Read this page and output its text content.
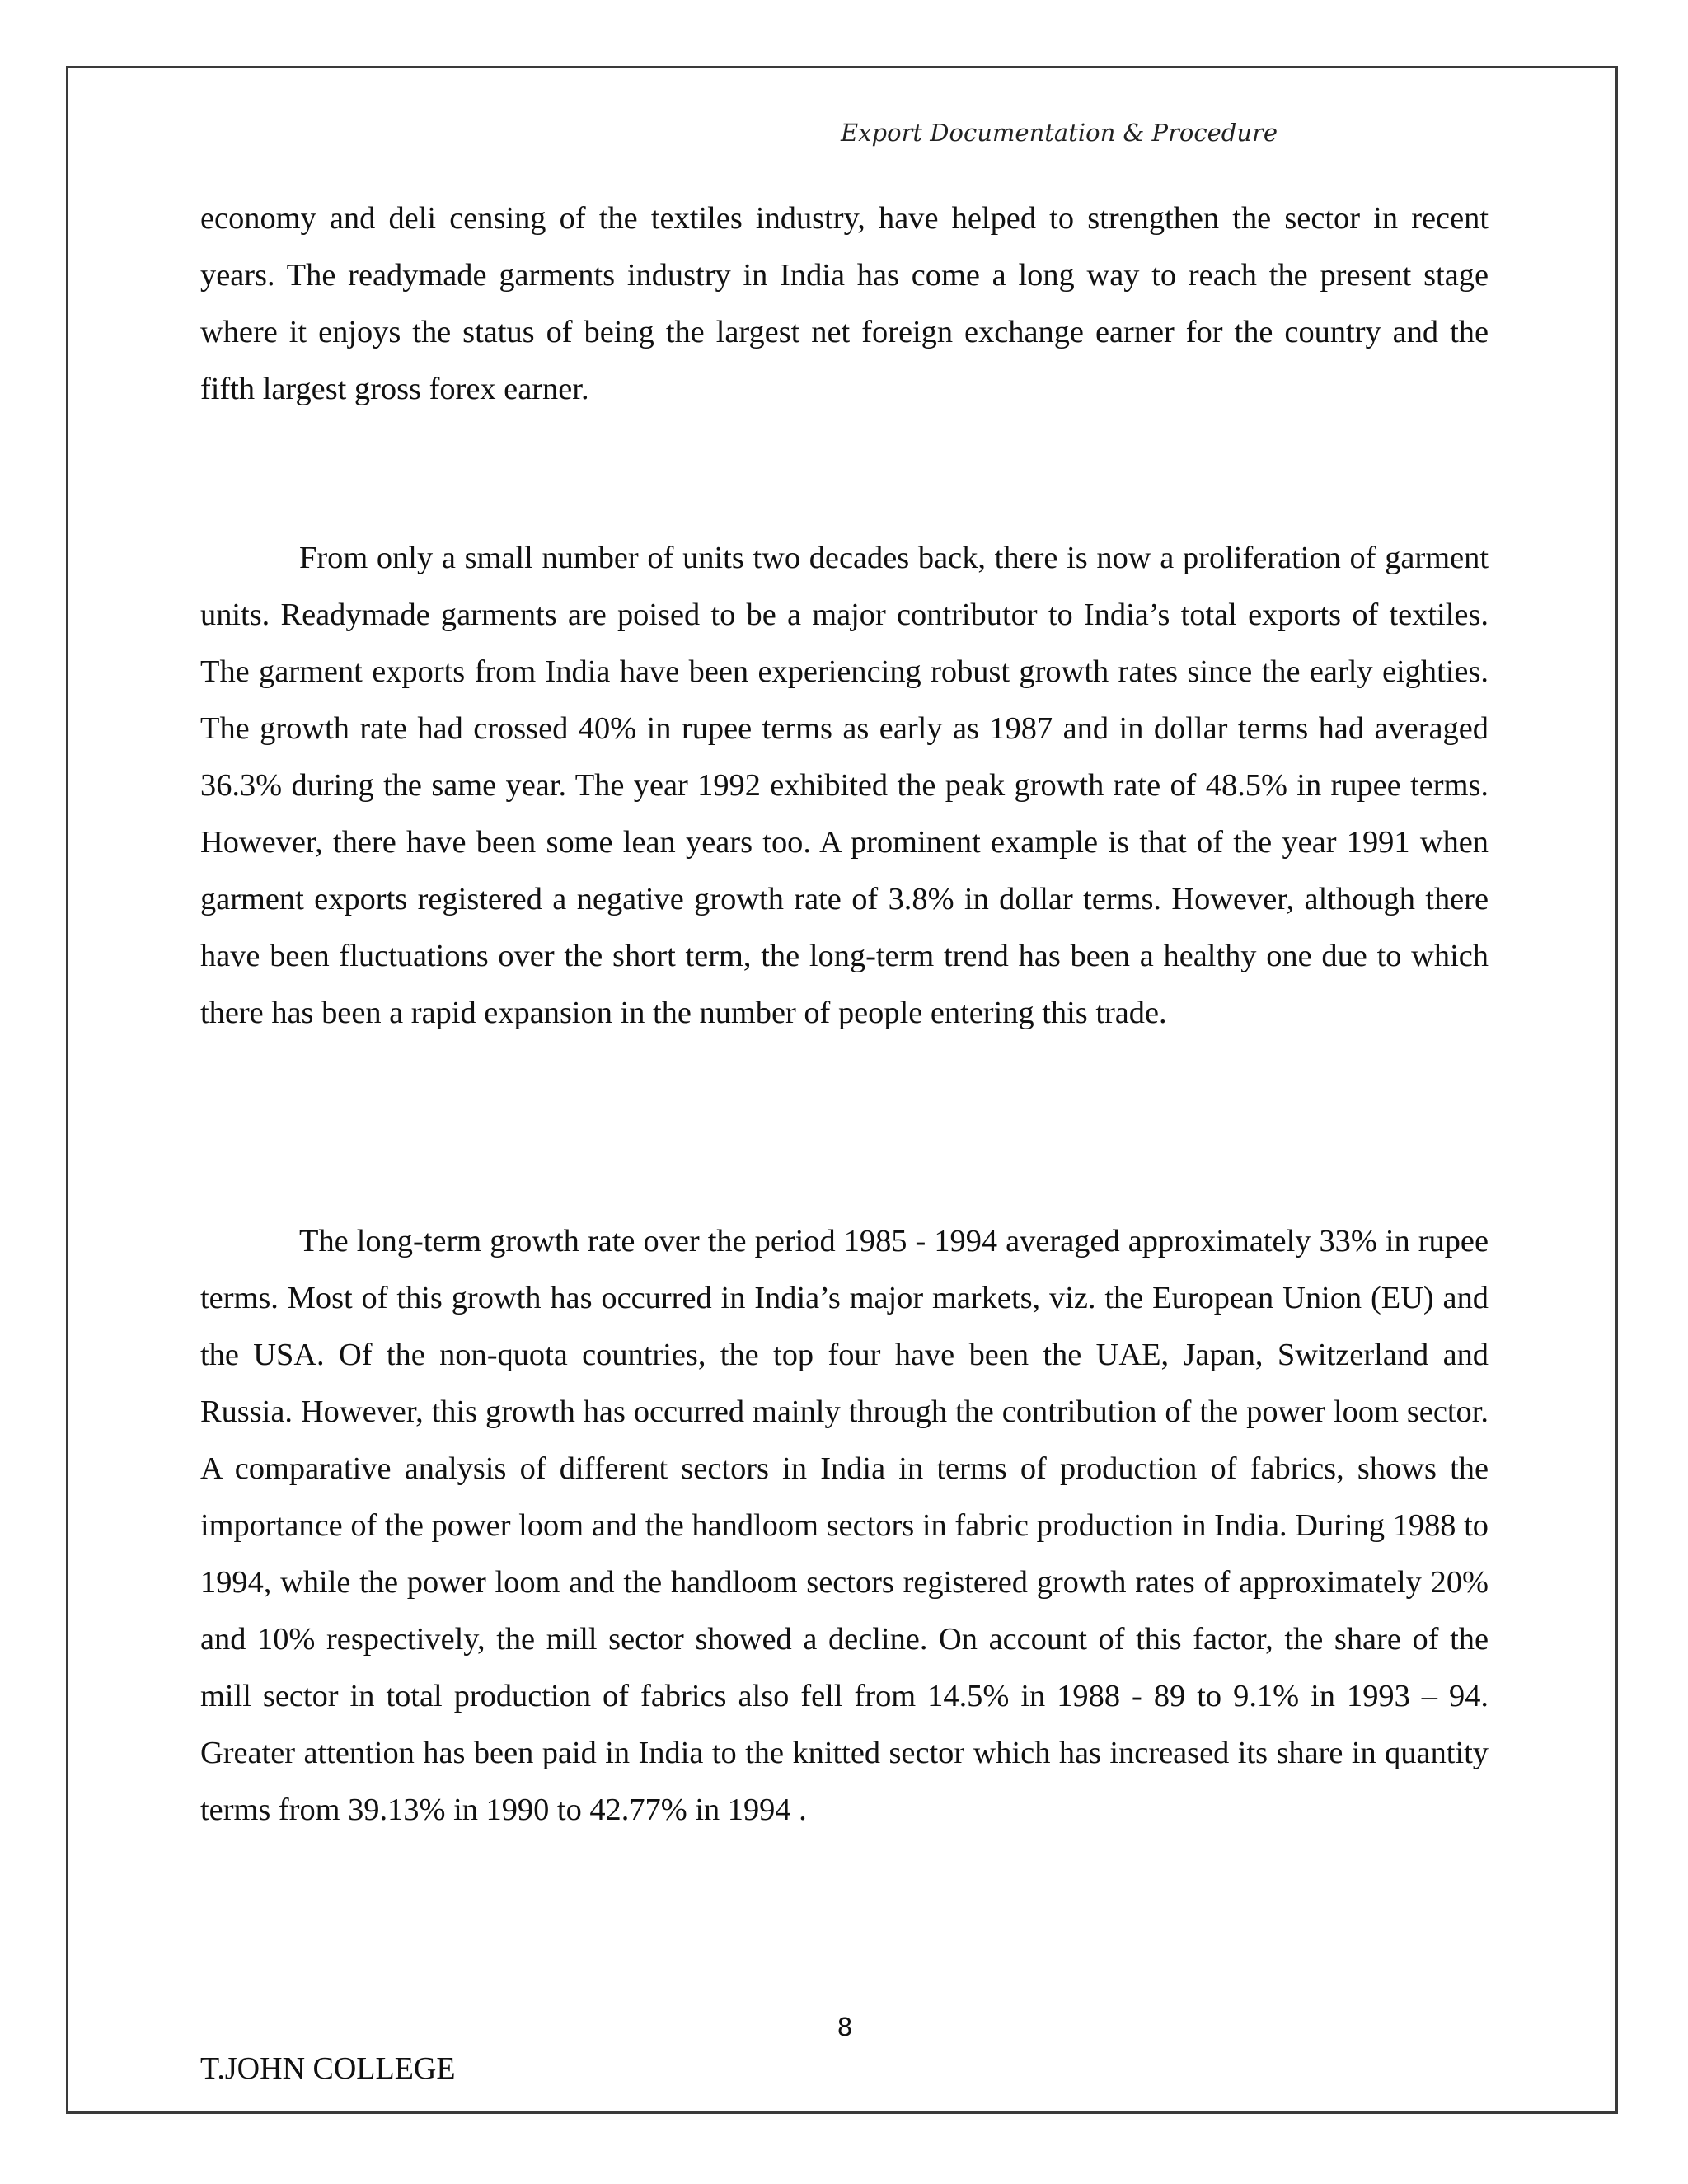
Export Documentation & Procedure

economy and deli censing of the textiles industry, have helped to strengthen the sector in recent years. The readymade garments industry in India has come a long way to reach the present stage where it enjoys the status of being the largest net foreign exchange earner for the country and the fifth largest gross forex earner.

From only a small number of units two decades back, there is now a proliferation of garment units. Readymade garments are poised to be a major contributor to India’s total exports of textiles. The garment exports from India have been experiencing robust growth rates since the early eighties. The growth rate had crossed 40% in rupee terms as early as 1987 and in dollar terms had averaged 36.3% during the same year. The year 1992 exhibited the peak growth rate of 48.5% in rupee terms. However, there have been some lean years too. A prominent example is that of the year 1991 when garment exports registered a negative growth rate of 3.8% in dollar terms. However, although there have been fluctuations over the short term, the long-term trend has been a healthy one due to which there has been a rapid expansion in the number of people entering this trade.

The long-term growth rate over the period 1985 - 1994 averaged approximately 33% in rupee terms. Most of this growth has occurred in India’s major markets, viz. the European Union (EU) and the USA. Of the non-quota countries, the top four have been the UAE, Japan, Switzerland and Russia. However, this growth has occurred mainly through the contribution of the power loom sector. A comparative analysis of different sectors in India in terms of production of fabrics, shows the importance of the power loom and the handloom sectors in fabric production in India. During 1988 to 1994, while the power loom and the handloom sectors registered growth rates of approximately 20% and 10% respectively, the mill sector showed a decline. On account of this factor, the share of the mill sector in total production of fabrics also fell from 14.5% in 1988 - 89 to 9.1% in 1993 – 94. Greater attention has been paid in India to the knitted sector which has increased its share in quantity terms from 39.13% in 1990 to 42.77% in 1994 .

8
T.JOHN COLLEGE
